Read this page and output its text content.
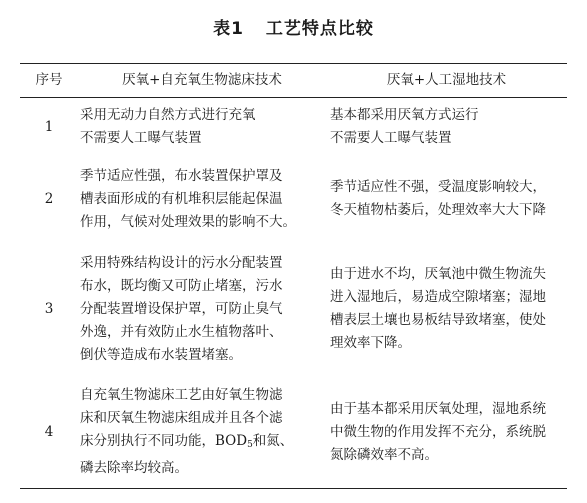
表1 工艺特点比较
序号	厌氧+自充氧生物滤床技术	厌氧+人工湿地技术
1	采用无动力自然方式进行充氧
不需要人工曝气装置	基本都采用厌氧方式运行
不需要人工曝气装置

2	季节适应性强，布水装置保护罩及
槽表面形成的有机堆积层能起保温
作用，气候对处理效果的影响不大。	季节适应性不强，受温度影响较大，
冬天植物枯萎后，处理效率大大下降

3	采用特殊结构设计的污水分配装置
布水，既均衡又可防止堵塞，污水
分配装置增设保护罩，可防止臭气
外逸，并有效防止水生植物落叶、
倒伏等造成布水装置堵塞。	由于进水不均，厌氧池中微生物流失
进入湿地后，易造成空隙堵塞；湿地
槽表层土壤也易板结导致堵塞，使处
理效率下降。

4	自充氧生物滤床工艺由好氧生物滤
床和厌氧生物滤床组成并且各个滤
床分别执行不同功能，$BOD_5$和氮、
磷去除率均较高。	由于基本都采用厌氧处理，湿地系统
中微生物的作用发挥不充分，系统脱
氮除磷效率不高。
